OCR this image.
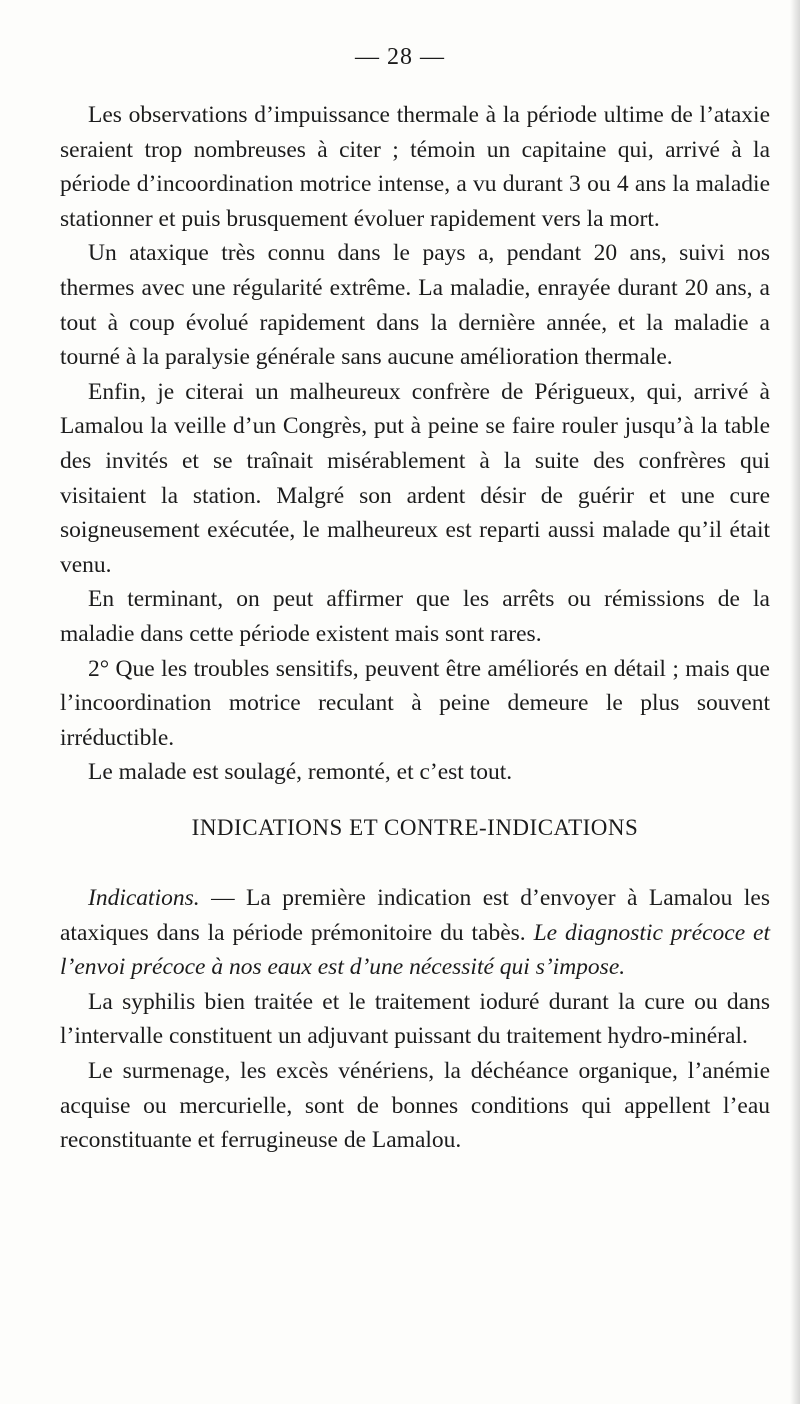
— 28 —

Les observations d’impuissance thermale à la période ultime de l’ataxie seraient trop nombreuses à citer ; témoin un capitaine qui, arrivé à la période d’incoordination motrice intense, a vu durant 3 ou 4 ans la maladie stationner et puis brusquement évoluer rapidement vers la mort.

Un ataxique très connu dans le pays a, pendant 20 ans, suivi nos thermes avec une régularité extrême. La maladie, enrayée durant 20 ans, a tout à coup évolué rapidement dans la dernière année, et la maladie a tourné à la paralysie générale sans aucune amélioration thermale.

Enfin, je citerai un malheureux confrère de Périgueux, qui, arrivé à Lamalou la veille d’un Congrès, put à peine se faire rouler jusqu’à la table des invités et se traînait misérablement à la suite des confrères qui visitaient la station. Malgré son ardent désir de guérir et une cure soigneusement exécutée, le malheureux est reparti aussi malade qu’il était venu.

En terminant, on peut affirmer que les arrêts ou rémissions de la maladie dans cette période existent mais sont rares.

2° Que les troubles sensitifs, peuvent être améliorés en détail ; mais que l’incoordination motrice reculant à peine demeure le plus souvent irréductible.

Le malade est soulagé, remonté, et c’est tout.

INDICATIONS ET CONTRE-INDICATIONS

Indications. — La première indication est d’envoyer à Lamalou les ataxiques dans la période prémonitoire du tabès. Le diagnostic précoce et l’envoi précoce à nos eaux est d’une nécessité qui s’impose.

La syphilis bien traitée et le traitement ioduré durant la cure ou dans l’intervalle constituent un adjuvant puissant du traitement hydro-minéral.

Le surmenage, les excès vénériens, la déchéance organique, l’anémie acquise ou mercurielle, sont de bonnes conditions qui appellent l’eau reconstituante et ferrugineuse de Lamalou.
